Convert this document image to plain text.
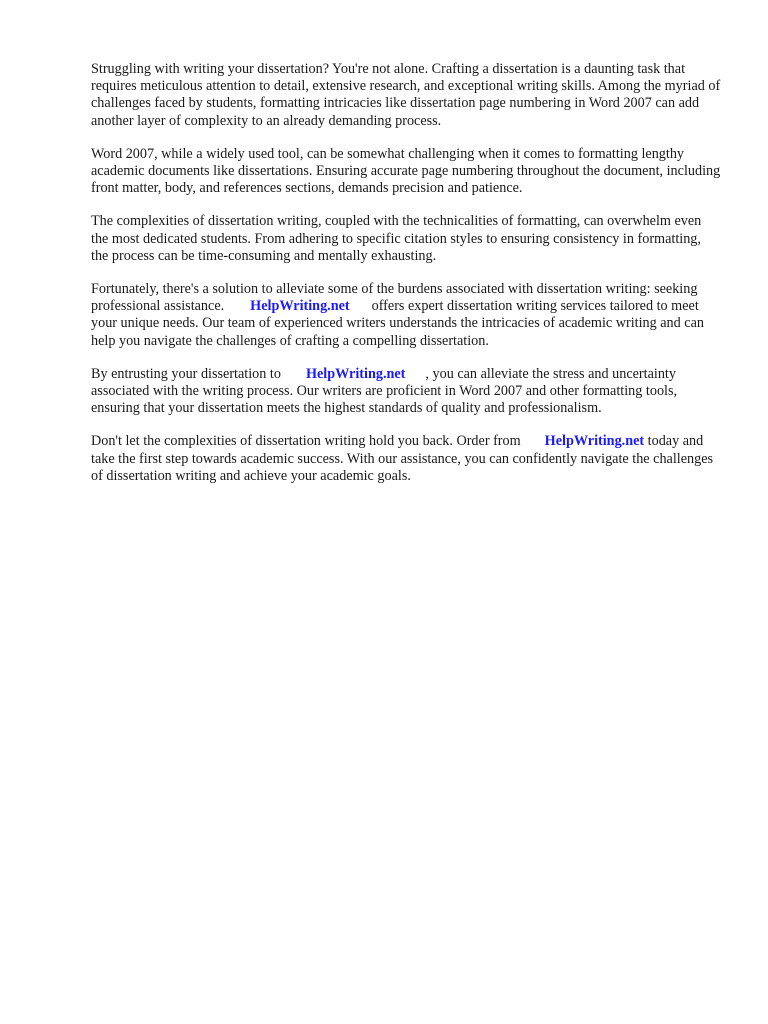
Struggling with writing your dissertation? You're not alone. Crafting a dissertation is a daunting task that requires meticulous attention to detail, extensive research, and exceptional writing skills. Among the myriad of challenges faced by students, formatting intricacies like dissertation page numbering in Word 2007 can add another layer of complexity to an already demanding process.

Word 2007, while a widely used tool, can be somewhat challenging when it comes to formatting lengthy academic documents like dissertations. Ensuring accurate page numbering throughout the document, including front matter, body, and references sections, demands precision and patience.

The complexities of dissertation writing, coupled with the technicalities of formatting, can overwhelm even the most dedicated students. From adhering to specific citation styles to ensuring consistency in formatting, the process can be time-consuming and mentally exhausting.

Fortunately, there's a solution to alleviate some of the burdens associated with dissertation writing: seeking professional assistance. HelpWriting.net offers expert dissertation writing services tailored to meet your unique needs. Our team of experienced writers understands the intricacies of academic writing and can help you navigate the challenges of crafting a compelling dissertation.

By entrusting your dissertation to HelpWriting.net , you can alleviate the stress and uncertainty associated with the writing process. Our writers are proficient in Word 2007 and other formatting tools, ensuring that your dissertation meets the highest standards of quality and professionalism.

Don't let the complexities of dissertation writing hold you back. Order from HelpWriting.net today and take the first step towards academic success. With our assistance, you can confidently navigate the challenges of dissertation writing and achieve your academic goals.
